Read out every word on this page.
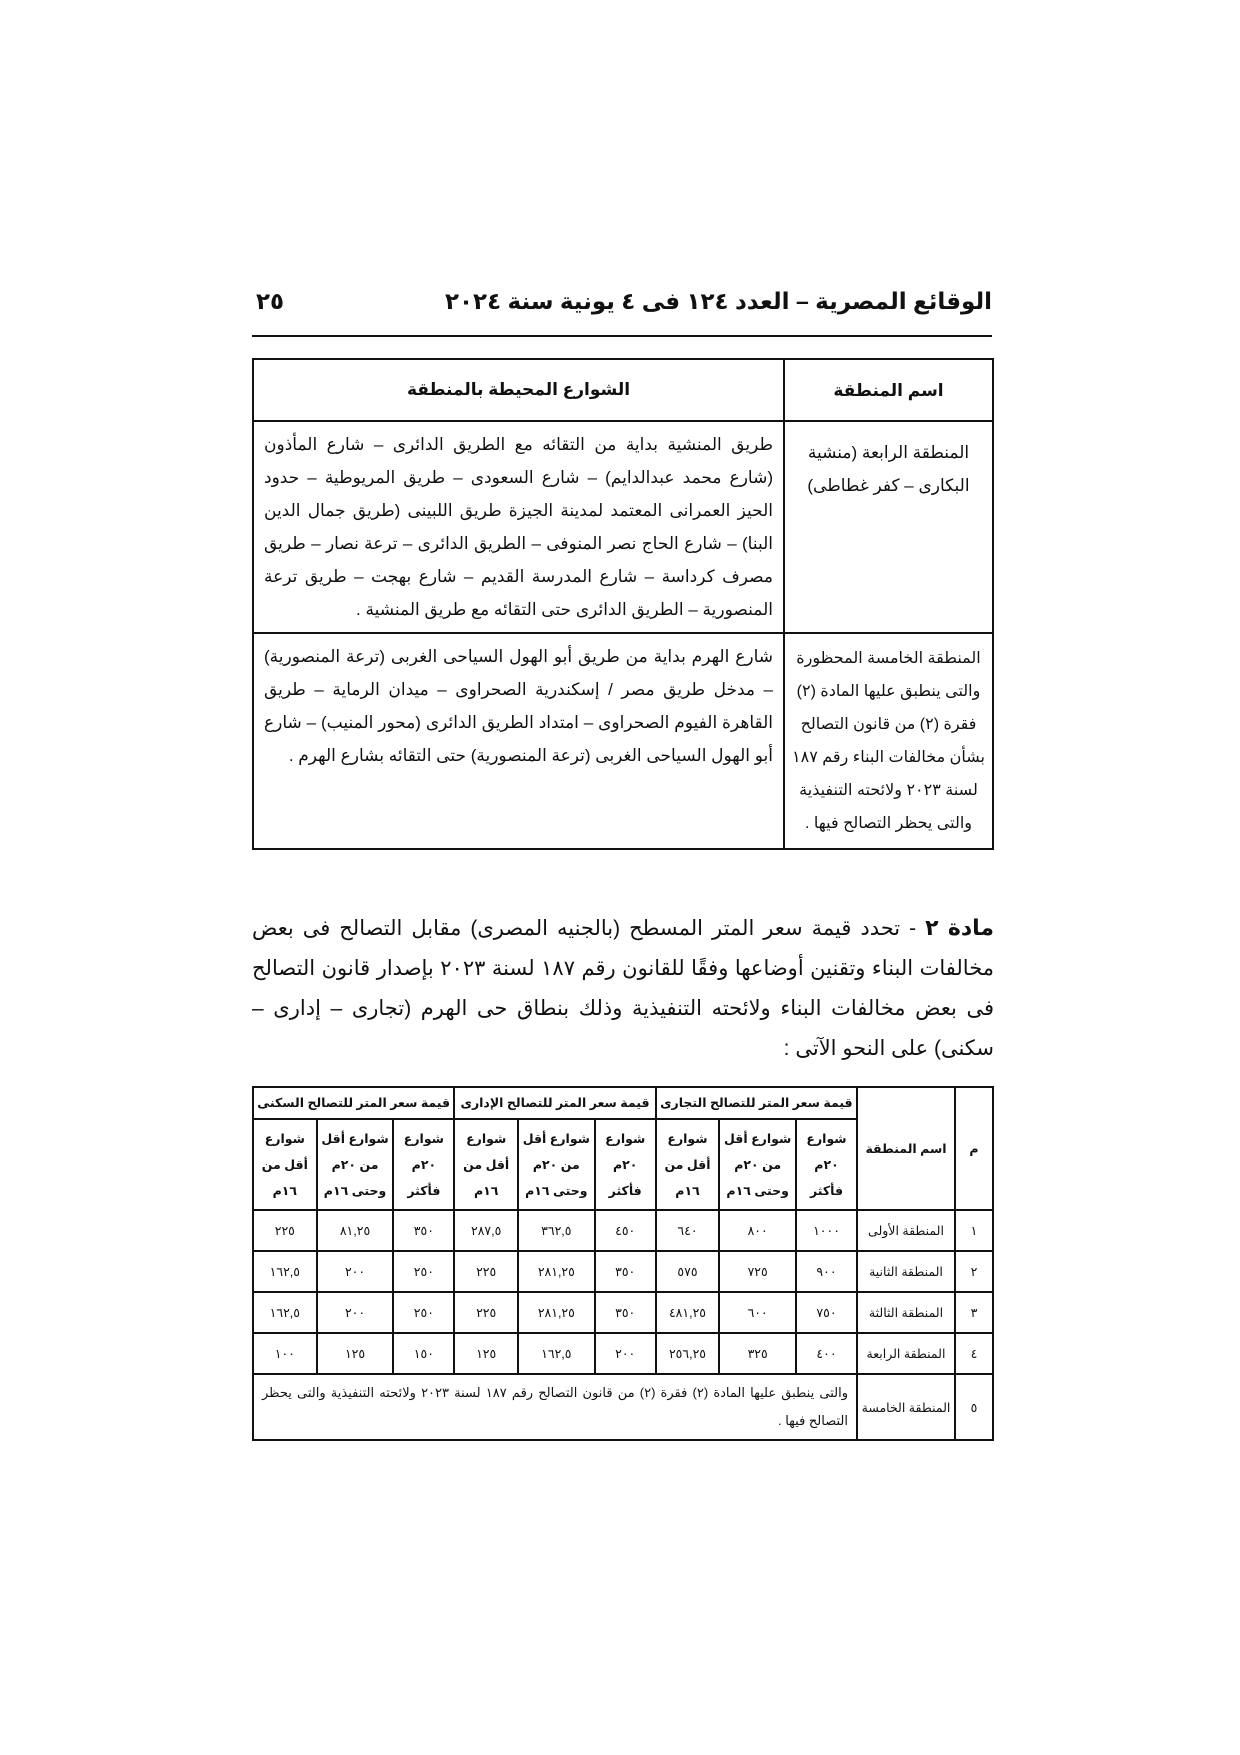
الوقائع المصرية – العدد ١٢٤ فى ٤ يونية سنة ٢٠٢٤
٢٥
اسم المنطقة	الشوارع المحيطة بالمنطقة
المنطقة الرابعة (منشية البكارى – كفر غطاطى)	طريق المنشية بداية من التقائه مع الطريق الدائرى – شارع المأذون (شارع محمد عبدالدايم) – شارع السعودى – طريق المريوطية – حدود الحيز العمرانى المعتمد لمدينة الجيزة طريق اللبينى (طريق جمال الدين البنا) – شارع الحاج نصر المنوفى – الطريق الدائرى – ترعة نصار – طريق مصرف كرداسة – شارع المدرسة القديم – شارع بهجت – طريق ترعة المنصورية – الطريق الدائرى حتى التقائه مع طريق المنشية .
المنطقة الخامسة المحظورة والتى ينطبق عليها المادة (٢) فقرة (٢) من قانون التصالح بشأن مخالفات البناء رقم ١٨٧ لسنة ٢٠٢٣ ولائحته التنفيذية والتى يحظر التصالح فيها .	شارع الهرم بداية من طريق أبو الهول السياحى الغربى (ترعة المنصورية) – مدخل طريق مصر / إسكندرية الصحراوى – ميدان الرماية – طريق القاهرة الفيوم الصحراوى – امتداد الطريق الدائرى (محور المنيب) – شارع أبو الهول السياحى الغربى (ترعة المنصورية) حتى التقائه بشارع الهرم .
مادة ٢ - تحدد قيمة سعر المتر المسطح (بالجنيه المصرى) مقابل التصالح فى بعض مخالفات البناء وتقنين أوضاعها وفقًا للقانون رقم ١٨٧ لسنة ٢٠٢٣ بإصدار قانون التصالح فى بعض مخالفات البناء ولائحته التنفيذية وذلك بنطاق حى الهرم (تجارى – إدارى – سكنى) على النحو الآتى :
م	اسم المنطقة	قيمة سعر المتر للتصالح التجارى			قيمة سعر المتر للتصالح الإدارى			قيمة سعر المتر للتصالح السكنى		
		شوارع ٢٠م فأكثر	شوارع أقل من ٢٠م وحتى ١٦م	شوارع أقل من ١٦م	شوارع ٢٠م فأكثر	شوارع أقل من ٢٠م وحتى ١٦م	شوارع أقل من ١٦م	شوارع ٢٠م فأكثر	شوارع أقل من ٢٠م وحتى ١٦م	شوارع أقل من ١٦م
١	المنطقة الأولى	١٠٠٠	٨٠٠	٦٤٠	٤٥٠	٣٦٢,٥	٢٨٧,٥	٣٥٠	٨١,٢٥	٢٢٥
٢	المنطقة الثانية	٩٠٠	٧٢٥	٥٧٥	٣٥٠	٢٨١,٢٥	٢٢٥	٢٥٠	٢٠٠	١٦٢,٥
٣	المنطقة الثالثة	٧٥٠	٦٠٠	٤٨١,٢٥	٣٥٠	٢٨١,٢٥	٢٢٥	٢٥٠	٢٠٠	١٦٢,٥
٤	المنطقة الرابعة	٤٠٠	٣٢٥	٢٥٦,٢٥	٢٠٠	١٦٢,٥	١٢٥	١٥٠	١٢٥	١٠٠
٥	المنطقة الخامسة	والتى ينطبق عليها المادة (٢) فقرة (٢) من قانون التصالح رقم ١٨٧ لسنة ٢٠٢٣ ولائحته التنفيذية والتى يحظر التصالح فيها .								
